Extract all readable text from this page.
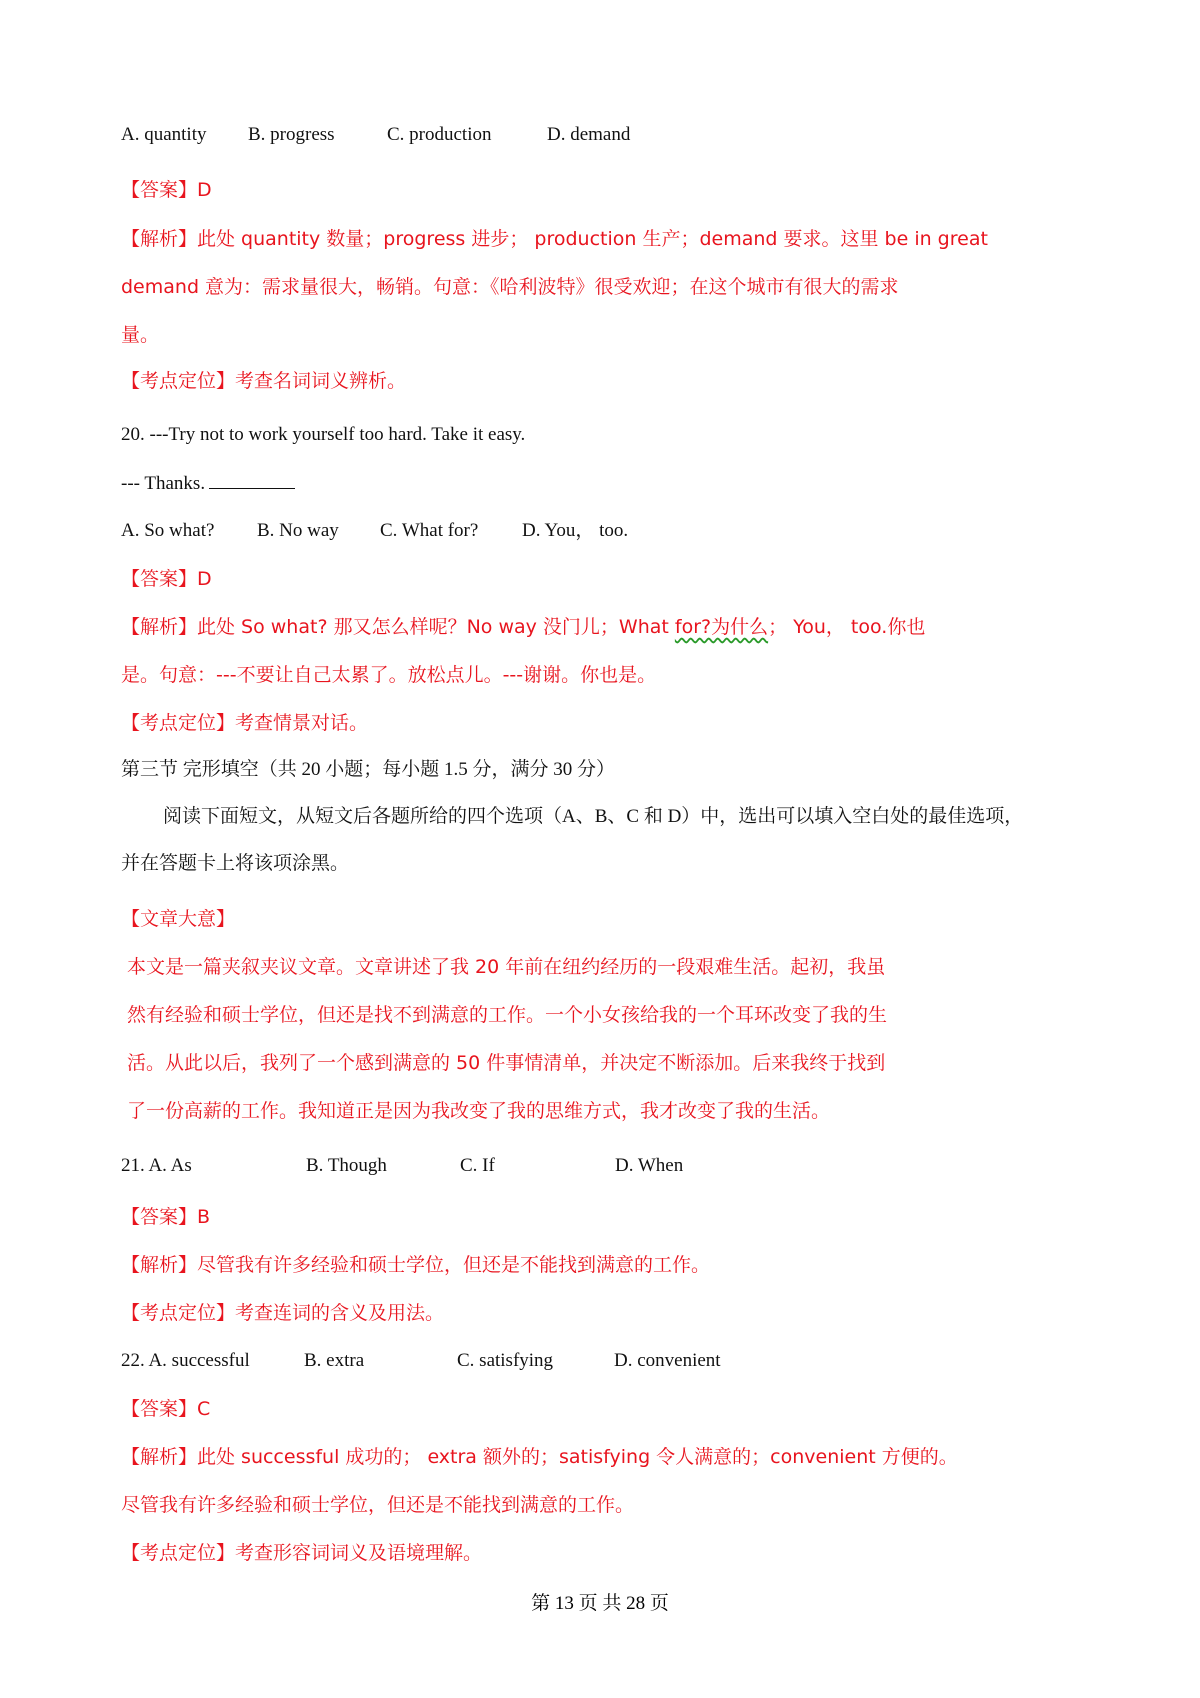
A. quantity B. progress	C. production	D. demand
【答案】D
【解析】此处 quantity 数量；progress 进步； production 生产；demand 要求。这里 be in great
demand 意为：需求量很大，畅销。句意：《哈利波特》很受欢迎；在这个城市有很大的需求
量。
【考点定位】考查名词词义辨析。
20. ---Try not to work yourself too hard. Take it easy.
--- Thanks.
A. So what? B. No way C. What for? D. You， too.
【答案】D
【解析】此处 So what? 那又怎么样呢？No way 没门儿；What for?为什么； You， too.你也
是。句意：---不要让自己太累了。放松点儿。---谢谢。你也是。
【考点定位】考查情景对话。
第三节 完形填空（共 20 小题；每小题 1.5 分，满分 30 分）
阅读下面短文，从短文后各题所给的四个选项（A、B、C 和 D）中，选出可以填入空白处的最佳选项，
并在答题卡上将该项涂黑。
【文章大意】
本文是一篇夹叙夹议文章。文章讲述了我 20 年前在纽约经历的一段艰难生活。起初，我虽
然有经验和硕士学位，但还是找不到满意的工作。一个小女孩给我的一个耳环改变了我的生
活。从此以后，我列了一个感到满意的 50 件事情清单，并决定不断添加。后来我终于找到
了一份高薪的工作。我知道正是因为我改变了我的思维方式，我才改变了我的生活。
21. A. As	B. Though	C. If	D. When
【答案】B
【解析】尽管我有许多经验和硕士学位，但还是不能找到满意的工作。
【考点定位】考查连词的含义及用法。
22. A. successful	B. extra	C. satisfying	D. convenient
【答案】C
【解析】此处 successful 成功的； extra 额外的；satisfying 令人满意的；convenient 方便的。
尽管我有许多经验和硕士学位，但还是不能找到满意的工作。
【考点定位】考查形容词词义及语境理解。
第 13 页 共 28 页
